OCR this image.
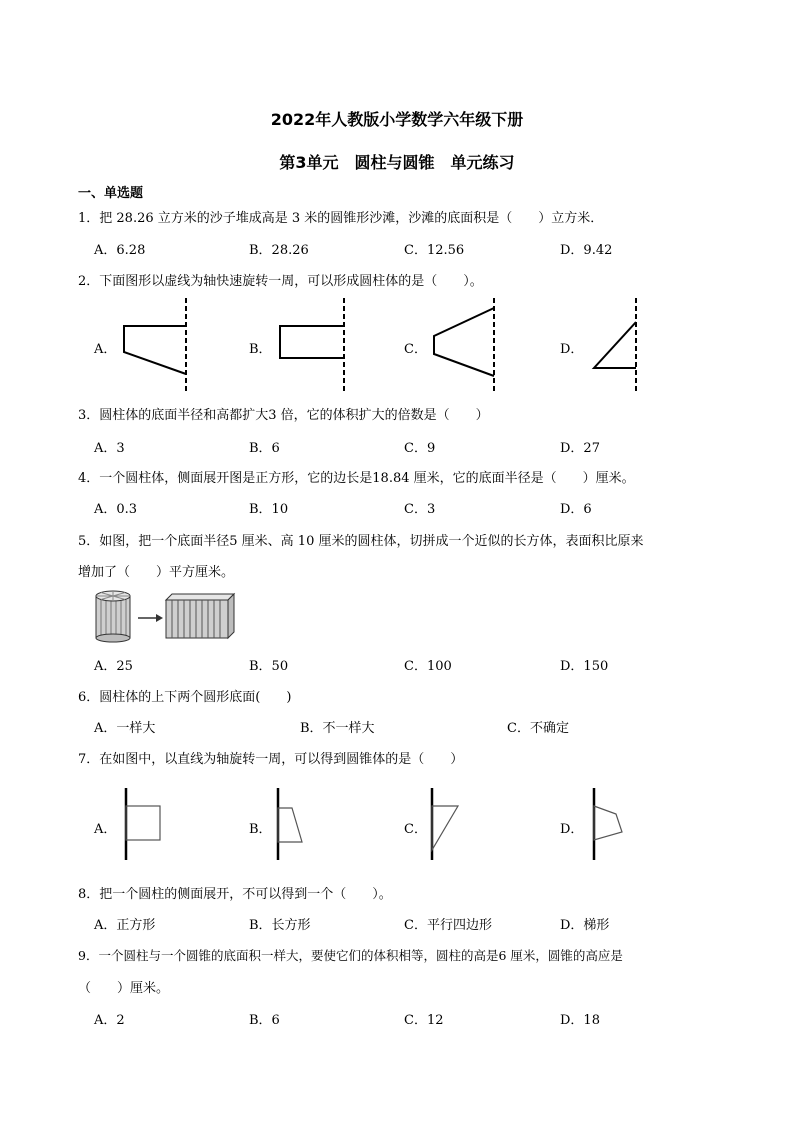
2022年人教版小学数学六年级下册
第3单元　圆柱与圆锥　单元练习
一、单选题
1．把 28.26 立方米的沙子堆成高是 3 米的圆锥形沙滩，沙滩的底面积是（　　）立方米．
A．6.28	B．28.26	C．12.56	D．9.42
2．下面图形以虚线为轴快速旋转一周，可以形成圆柱体的是（　　）。
A．	B．	C．	D．
3．圆柱体的底面半径和高都扩大3 倍，它的体积扩大的倍数是（　　）
A．3	B．6	C．9	D．27
4．一个圆柱体，侧面展开图是正方形，它的边长是18.84 厘米，它的底面半径是（　　）厘米。
A．0.3	B．10	C．3	D．6
5．如图，把一个底面半径5 厘米、高 10 厘米的圆柱体，切拼成一个近似的长方体，表面积比原来
增加了（　　）平方厘米。
A．25	B．50	C．100	D．150
6．圆柱体的上下两个圆形底面(　　)
A．一样大	B．不一样大	C．不确定
7．在如图中，以直线为轴旋转一周，可以得到圆锥体的是（　　）
A．	B．	C．	D．
8．把一个圆柱的侧面展开，不可以得到一个（　　）。
A．正方形	B．长方形	C．平行四边形	D．梯形
9．一个圆柱与一个圆锥的底面积一样大，要使它们的体积相等，圆柱的高是6 厘米，圆锥的高应是
（　　）厘米。
A．2	B．6	C．12	D．18
